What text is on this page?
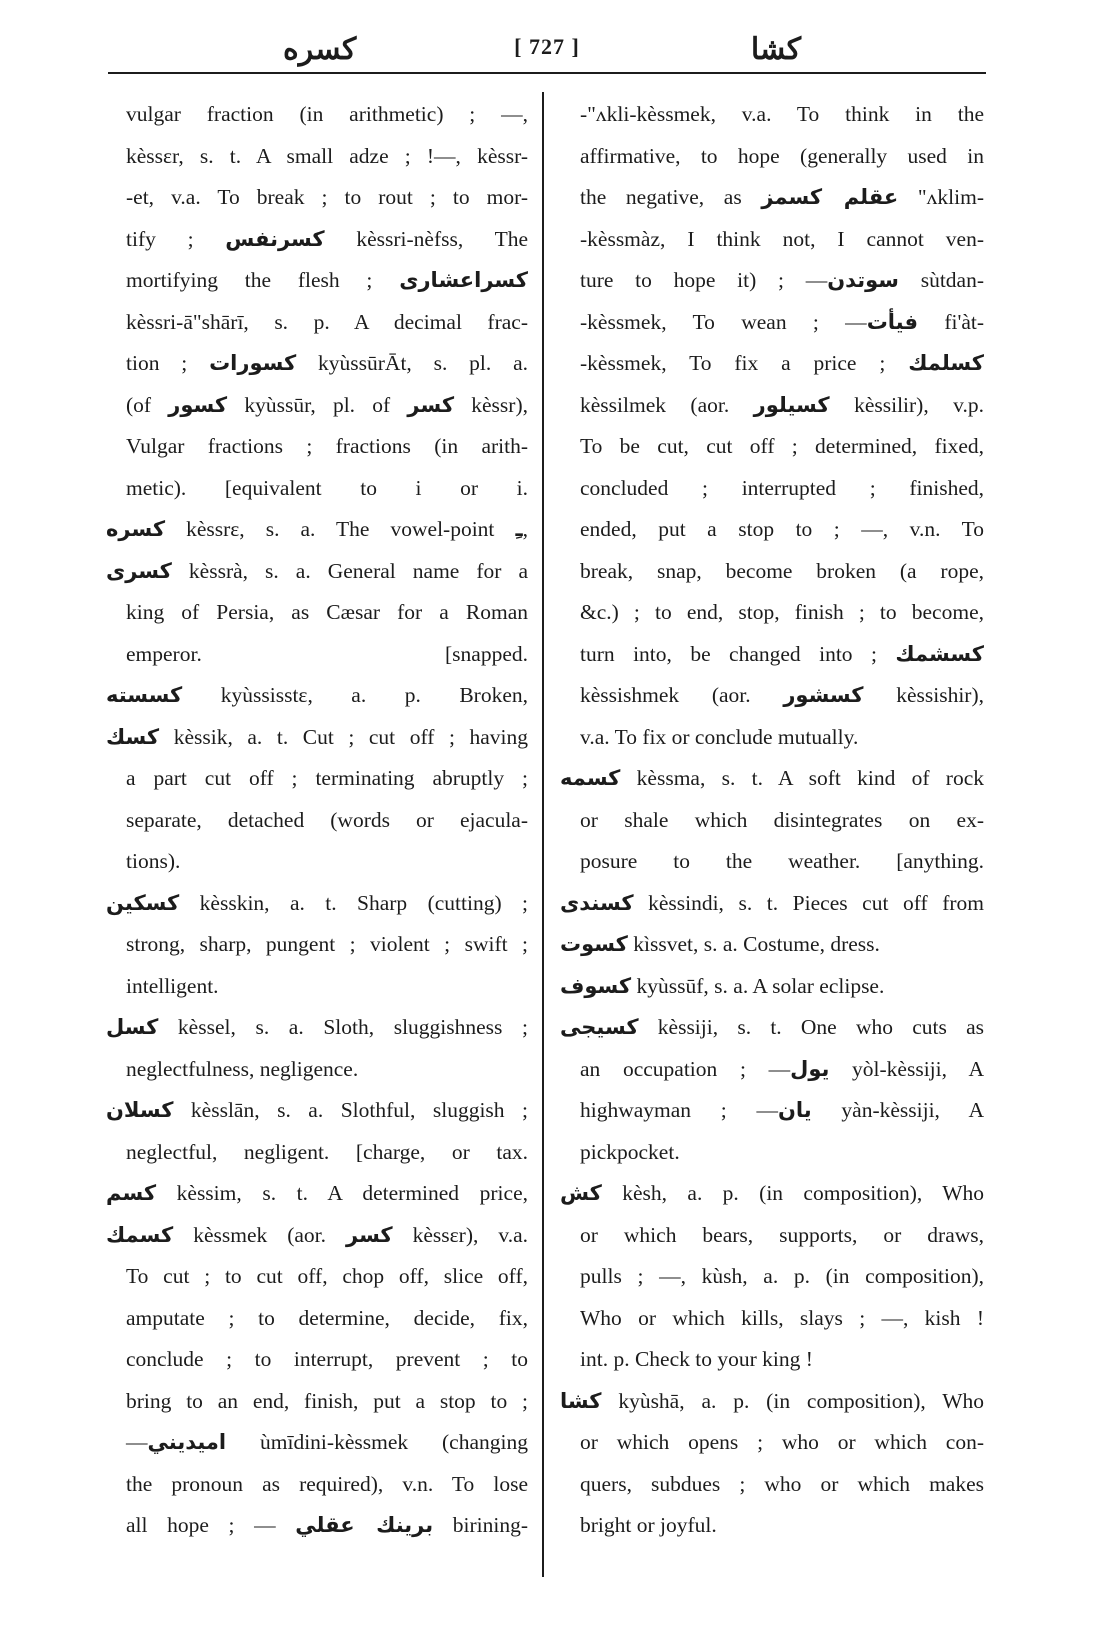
كسره	[ 727 ]	كشا
vulgar fraction (in arithmetic) ; —,
kèssɛr, s. t. A small adze ; !—, kèssr-
-et, v.a. To break ; to rout ; to mor-
tify ; كسرنفس kèssri-nèfss, The
mortifying the flesh ; كسراعشارى
kèssri-ā"shārī, s. p. A decimal frac-
tion ; كسورات kyùssūrĀt, s. pl. a.
(of كسور kyùssūr, pl. of كسر kèssr),
Vulgar fractions ; fractions (in arith-
metic). [equivalent to i or i.
كسره kèssrɛ, s. a. The vowel-point ـِ,
كسرى kèssrà, s. a. General name for a
king of Persia, as Cæsar for a Roman
emperor. [snapped.
كسسته kyùssisstɛ, a. p. Broken,
كسك kèssik, a. t. Cut ; cut off ; having
a part cut off ; terminating abruptly ;
separate, detached (words or ejacula-
tions).
كسكين kèsskin, a. t. Sharp (cutting) ;
strong, sharp, pungent ; violent ; swift ;
intelligent.
كسل kèssel, s. a. Sloth, sluggishness ;
neglectfulness, negligence.
كسلان kèsslān, s. a. Slothful, sluggish ;
neglectful, negligent. [charge, or tax.
كسم kèssim, s. t. A determined price,
كسمك kèssmek (aor. كسر kèssɛr), v.a.
To cut ; to cut off, chop off, slice off,
amputate ; to determine, decide, fix,
conclude ; to interrupt, prevent ; to
bring to an end, finish, put a stop to ;
—اميديني ùmīdini-kèssmek (changing
the pronoun as required), v.n. To lose
all hope ; — برينك عقلي birining-
-"ʌkli-kèssmek, v.a. To think in the
affirmative, to hope (generally used in
the negative, as عقلم كسمز "ʌklim-
-kèssmàz, I think not, I cannot ven-
ture to hope it) ; —سوتدن sùtdan-
-kèssmek, To wean ; —فيأت fi'àt-
-kèssmek, To fix a price ; كسلمك
kèssilmek (aor. كسيلور kèssilir), v.p.
To be cut, cut off ; determined, fixed,
concluded ; interrupted ; finished,
ended, put a stop to ; —, v.n. To
break, snap, become broken (a rope,
&c.) ; to end, stop, finish ; to become,
turn into, be changed into ; كسشمك
kèssishmek (aor. كسشور kèssishir),
v.a. To fix or conclude mutually.
كسمه kèssma, s. t. A soft kind of rock
or shale which disintegrates on ex-
posure to the weather. [anything.
كسندى kèssindi, s. t. Pieces cut off from
كسوت kìssvet, s. a. Costume, dress.
كسوف kyùssūf, s. a. A solar eclipse.
كسيجى kèssiji, s. t. One who cuts as
an occupation ; —يول yòl-kèssiji, A
highwayman ; —يان yàn-kèssiji, A
pickpocket.
كش kèsh, a. p. (in composition), Who
or which bears, supports, or draws,
pulls ; —, kùsh, a. p. (in composition),
Who or which kills, slays ; —, kish !
int. p. Check to your king !
كشا kyùshā, a. p. (in composition), Who
or which opens ; who or which con-
quers, subdues ; who or which makes
bright or joyful.
